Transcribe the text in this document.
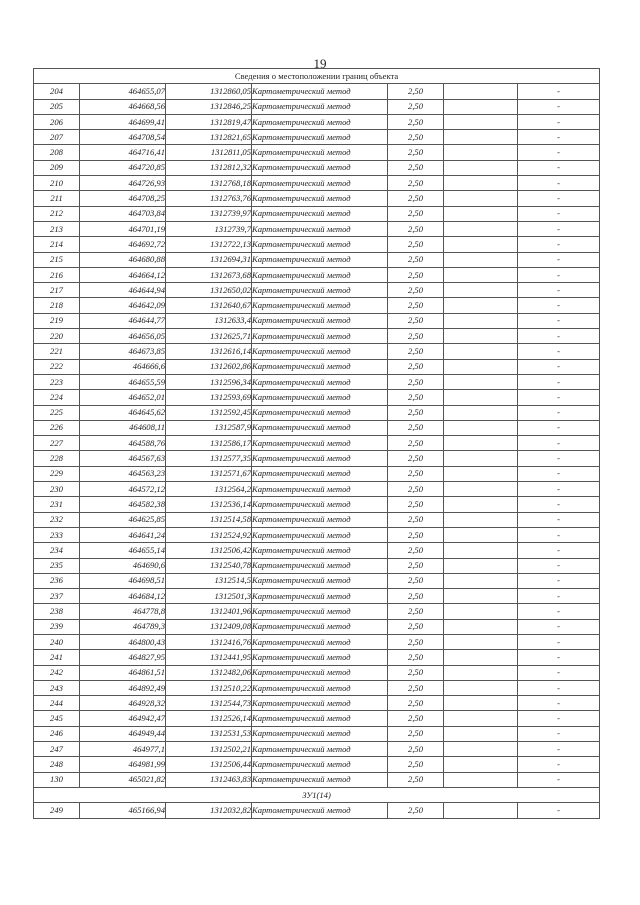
19
Сведения о местоположении границ объекта						
204	464655,07	1312860,05	Картометрический метод	2,50		-
205	464668,56	1312846,25	Картометрический метод	2,50		-
206	464699,41	1312819,47	Картометрический метод	2,50		-
207	464708,54	1312821,65	Картометрический метод	2,50		-
208	464716,41	1312811,05	Картометрический метод	2,50		-
209	464720,85	1312812,32	Картометрический метод	2,50		-
210	464726,93	1312768,18	Картометрический метод	2,50		-
211	464708,25	1312763,76	Картометрический метод	2,50		-
212	464703,84	1312739,97	Картометрический метод	2,50		-
213	464701,19	1312739,7	Картометрический метод	2,50		-
214	464692,72	1312722,13	Картометрический метод	2,50		-
215	464680,88	1312694,31	Картометрический метод	2,50		-
216	464664,12	1312673,68	Картометрический метод	2,50		-
217	464644,94	1312650,02	Картометрический метод	2,50		-
218	464642,09	1312640,67	Картометрический метод	2,50		-
219	464644,77	1312633,4	Картометрический метод	2,50		-
220	464656,05	1312625,71	Картометрический метод	2,50		-
221	464673,85	1312616,14	Картометрический метод	2,50		-
222	464666,6	1312602,86	Картометрический метод	2,50		-
223	464655,59	1312596,34	Картометрический метод	2,50		-
224	464652,01	1312593,69	Картометрический метод	2,50		-
225	464645,62	1312592,45	Картометрический метод	2,50		-
226	464608,11	1312587,9	Картометрический метод	2,50		-
227	464588,76	1312586,17	Картометрический метод	2,50		-
228	464567,63	1312577,35	Картометрический метод	2,50		-
229	464563,23	1312571,67	Картометрический метод	2,50		-
230	464572,12	1312564,2	Картометрический метод	2,50		-
231	464582,38	1312536,14	Картометрический метод	2,50		-
232	464625,85	1312514,58	Картометрический метод	2,50		-
233	464641,24	1312524,92	Картометрический метод	2,50		-
234	464655,14	1312506,42	Картометрический метод	2,50		-
235	464690,6	1312540,78	Картометрический метод	2,50		-
236	464698,51	1312514,5	Картометрический метод	2,50		-
237	464684,12	1312501,3	Картометрический метод	2,50		-
238	464778,8	1312401,96	Картометрический метод	2,50		-
239	464789,3	1312409,08	Картометрический метод	2,50		-
240	464800,43	1312416,76	Картометрический метод	2,50		-
241	464827,95	1312441,95	Картометрический метод	2,50		-
242	464861,51	1312482,06	Картометрический метод	2,50		-
243	464892,49	1312510,22	Картометрический метод	2,50		-
244	464928,32	1312544,73	Картометрический метод	2,50		-
245	464942,47	1312526,14	Картометрический метод	2,50		-
246	464949,44	1312531,53	Картометрический метод	2,50		-
247	464977,1	1312502,21	Картометрический метод	2,50		-
248	464981,99	1312506,44	Картометрический метод	2,50		-
130	465021,82	1312463,83	Картометрический метод	2,50		-
ЗУ1(14)						
249	465166,94	1312032,82	Картометрический метод	2,50		-
